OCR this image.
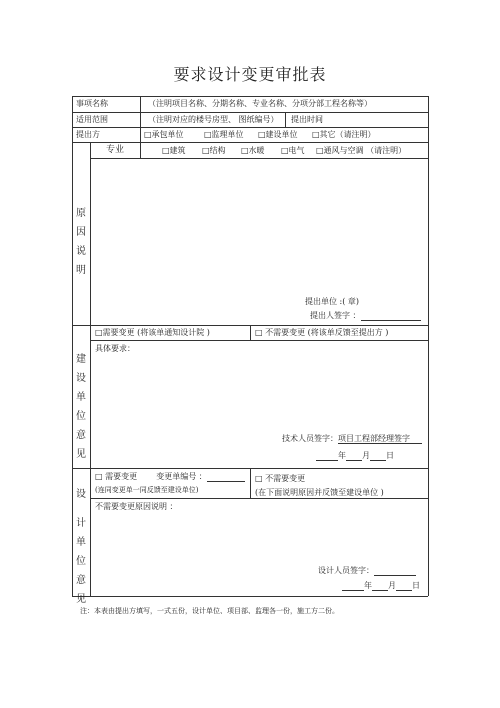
要求设计变更审批表
事项名称	（注明项目名称、分期名称、专业名称、分项分部工程名称等）
适用范围	（注明对应的楼号房型、 图纸编号） 提出时间
提出方	□承包单位	□监理单位 □建设单位 □其它（请注明）
专业	□建筑 □结构 □水暖 □电气 □通风与空调 （请注明）
原
因
说
明
提出单位 :( 章)
提出人签字 ：
建
设
单
位
意
见
□需要变更 (将该单通知设计院 )	□ 不需要变更 (将该单反馈至提出方 )
具体要求：
技术人员签字：项目工程部经理签字
年 月 日
设
计
单
位
意
见
□ 需要变更 变更单编号 ：
(连同变更单一同反馈至建设单位)
□ 不需要变更
(在下面说明原因并反馈至建设单位 )
不需要变更原因说明 ：
设计人员签字：
年 月 日
注：本表由提出方填写，一式五份，设计单位、项目部、监理各一份，施工方二份。
